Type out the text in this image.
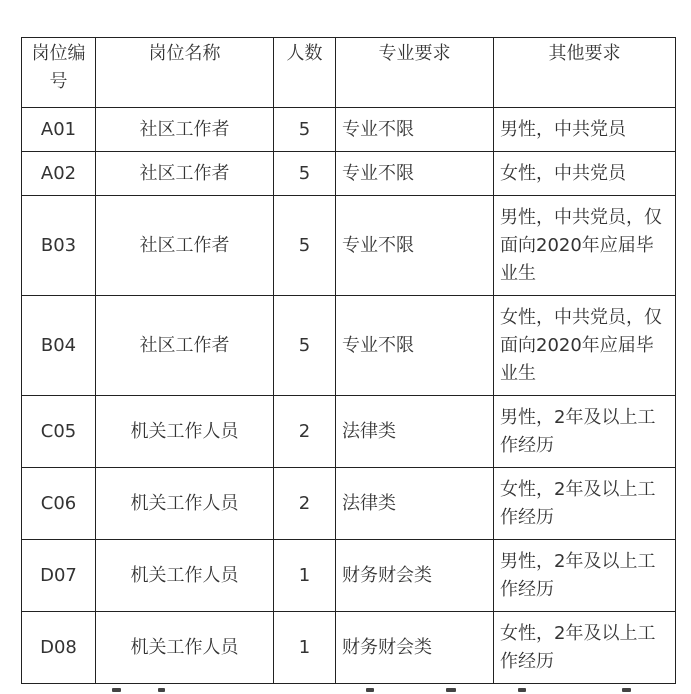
岗位编号	岗位名称	人数	专业要求	其他要求
A01	社区工作者	5	专业不限	男性，中共党员
A02	社区工作者	5	专业不限	女性，中共党员
B03	社区工作者	5	专业不限	男性，中共党员，仅面向2020年应届毕业生
B04	社区工作者	5	专业不限	女性，中共党员，仅面向2020年应届毕业生
C05	机关工作人员	2	法律类	男性，2年及以上工作经历
C06	机关工作人员	2	法律类	女性，2年及以上工作经历
D07	机关工作人员	1	财务财会类	男性，2年及以上工作经历
D08	机关工作人员	1	财务财会类	女性，2年及以上工作经历
